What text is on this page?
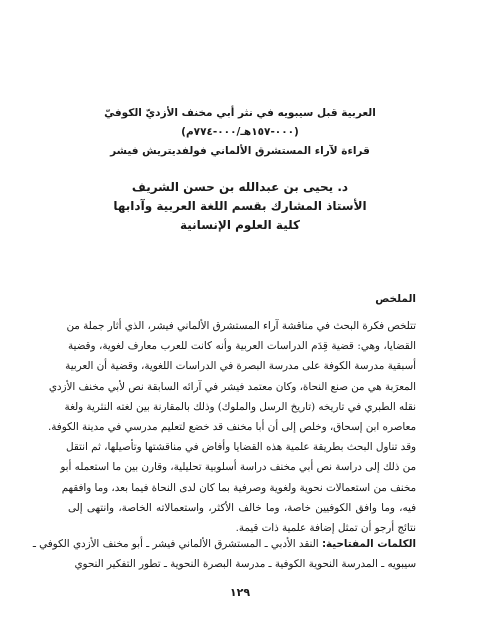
العربية قبل سيبويه في نثر أبي مخنف الأزديّ الكوفيّ

(٠٠٠-١٥٧هـ/٠٠٠-٧٧٤م)

قراءة لآراء المستشرق الألماني فولفديتريش فيشر

د. يحيى بن عبدالله بن حسن الشريف

الأستاذ المشارك بقسم اللغة العربية وآدابها

كلية العلوم الإنسانية

الملخص

تتلخص فكرة البحث في مناقشة آراء المستشرق الألماني فيشر، الذي أثار جملة من
القضايا، وهي: قضية قِدَم الدراسات العربية وأنه كانت للعرب معارف لغوية، وقضية
أسبقية مدرسة الكوفة على مدرسة البصرة في الدراسات اللغوية، وقضية أن العربية
المعرَبة هي من صنع النحاة، وكان معتمد فيشر في آرائه السابقة نص لأبي مخنف الأزدي
نقله الطبري في تاريخه (تاريخ الرسل والملوك) وذلك بالمقارنة بين لغته النثرية ولغة
معاصره ابن إسحاق، وخلص إلى أن أبا مخنف قد خضع لتعليم مدرسي في مدينة الكوفة.
وقد تناول البحث بطريقة علمية هذه القضايا وأفاض في مناقشتها وتأصيلها، ثم انتقل
من ذلك إلى دراسة نص أبي مخنف دراسة أسلوبية تحليلية، وقارن بين ما استعمله أبو
مخنف من استعمالات نحوية ولغوية وصرفية بما كان لدى النحاة فيما بعد، وما وافقهم
فيه، وما وافق الكوفيين خاصة، وما خالف الأكثر، واستعمالاته الخاصة، وانتهى إلى
نتائج أرجو أن تمثل إضافة علمية ذات قيمة.
الكلمات المفتاحية: النقد الأدبي ـ المستشرق الألماني فيشر ـ أبو مخنف الأزدي الكوفي ـ
سيبويه ـ المدرسة النحوية الكوفية ـ مدرسة البصرة النحوية ـ تطور التفكير النحوي

١٢٩
